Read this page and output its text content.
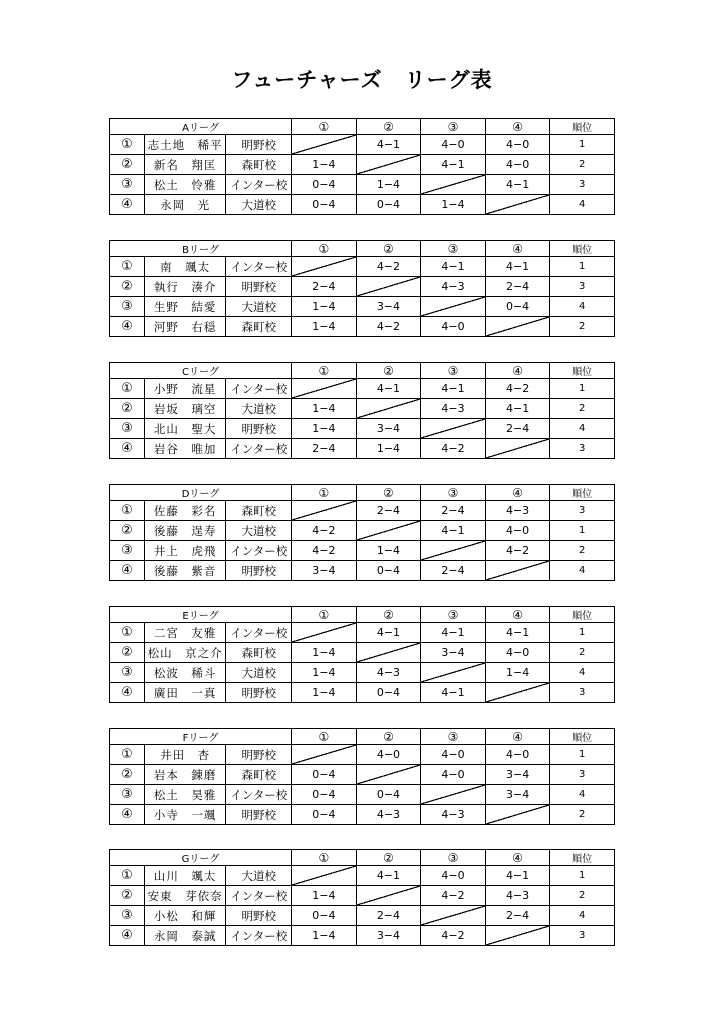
フューチャーズ　リーグ表
Aリーグ			①	②	③	④	順位
①	志土地　稀平	明野校		4−1	4−0	4−0	1
②	新名　翔匡	森町校	1−4		4−1	4−0	2
③	松土　怜雅	インター校	0−4	1−4		4−1	3
④	永岡　光	大道校	0−4	0−4	1−4		4
Bリーグ			①	②	③	④	順位
①	南　颯太	インター校		4−2	4−1	4−1	1
②	執行　湊介	明野校	2−4		4−3	2−4	3
③	生野　結愛	大道校	1−4	3−4		0−4	4
④	河野　右穏	森町校	1−4	4−2	4−0		2
Cリーグ			①	②	③	④	順位
①	小野　流星	インター校		4−1	4−1	4−2	1
②	岩坂　璃空	大道校	1−4		4−3	4−1	2
③	北山　聖大	明野校	1−4	3−4		2−4	4
④	岩谷　唯加	インター校	2−4	1−4	4−2		3
Dリーグ			①	②	③	④	順位
①	佐藤　彩名	森町校		2−4	2−4	4−3	3
②	後藤　逞寿	大道校	4−2		4−1	4−0	1
③	井上　虎飛	インター校	4−2	1−4		4−2	2
④	後藤　紫音	明野校	3−4	0−4	2−4		4
Eリーグ			①	②	③	④	順位
①	二宮　友雅	インター校		4−1	4−1	4−1	1
②	松山　京之介	森町校	1−4		3−4	4−0	2
③	松波　稀斗	大道校	1−4	4−3		1−4	4
④	廣田　一真	明野校	1−4	0−4	4−1		3
Fリーグ			①	②	③	④	順位
①	井田　杏	明野校		4−0	4−0	4−0	1
②	岩本　錬磨	森町校	0−4		4−0	3−4	3
③	松土　昊雅	インター校	0−4	0−4		3−4	4
④	小寺　一颯	明野校	0−4	4−3	4−3		2
Gリーグ			①	②	③	④	順位
①	山川　颯太	大道校		4−1	4−0	4−1	1
②	安東　芽依奈	インター校	1−4		4−2	4−3	2
③	小松　和輝	明野校	0−4	2−4		2−4	4
④	永岡　泰誠	インター校	1−4	3−4	4−2		3
